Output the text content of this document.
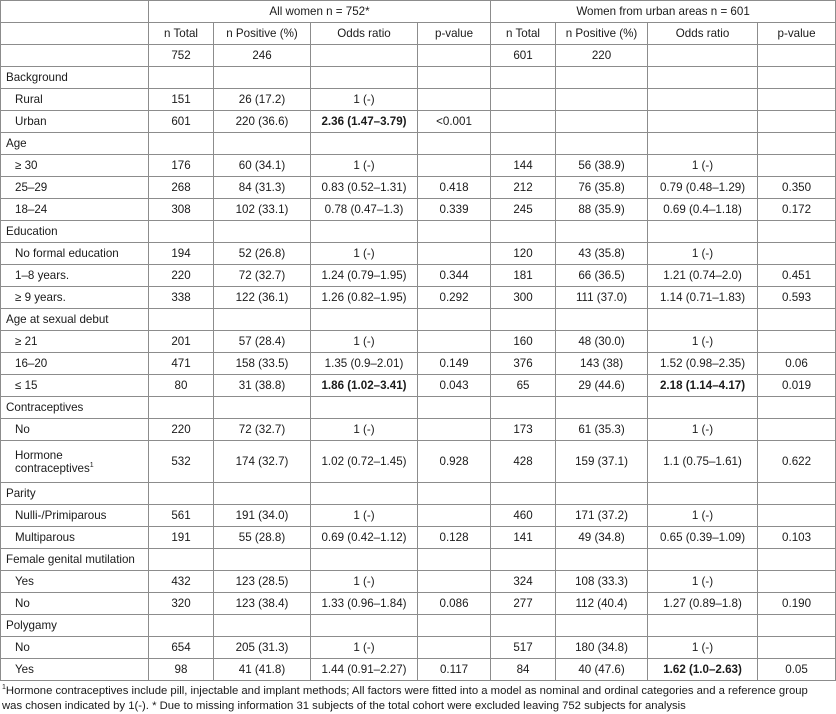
	All women n = 752*				Women from urban areas n = 601			
	n Total	n Positive (%)	Odds ratio	p-value	n Total	n Positive (%)	Odds ratio	p-value
	752	246			601	220		
Background								
Rural	151	26 (17.2)	1 (-)					
Urban	601	220 (36.6)	2.36 (1.47–3.79)	<0.001				
Age								
≥ 30	176	60 (34.1)	1 (-)		144	56 (38.9)	1 (-)	
25–29	268	84 (31.3)	0.83 (0.52–1.31)	0.418	212	76 (35.8)	0.79 (0.48–1.29)	0.350
18–24	308	102 (33.1)	0.78 (0.47–1.3)	0.339	245	88 (35.9)	0.69 (0.4–1.18)	0.172
Education								
No formal education	194	52 (26.8)	1 (-)		120	43 (35.8)	1 (-)	
1–8 years.	220	72 (32.7)	1.24 (0.79–1.95)	0.344	181	66 (36.5)	1.21 (0.74–2.0)	0.451
≥ 9 years.	338	122 (36.1)	1.26 (0.82–1.95)	0.292	300	111 (37.0)	1.14 (0.71–1.83)	0.593
Age at sexual debut								
≥ 21	201	57 (28.4)	1 (-)		160	48 (30.0)	1 (-)	
16–20	471	158 (33.5)	1.35 (0.9–2.01)	0.149	376	143 (38)	1.52 (0.98–2.35)	0.06
≤ 15	80	31 (38.8)	1.86 (1.02–3.41)	0.043	65	29 (44.6)	2.18 (1.14–4.17)	0.019
Contraceptives								
No	220	72 (32.7)	1 (-)		173	61 (35.3)	1 (-)	
Hormone contraceptives$^1$	532	174 (32.7)	1.02 (0.72–1.45)	0.928	428	159 (37.1)	1.1 (0.75–1.61)	0.622
Parity								
Nulli-/Primiparous	561	191 (34.0)	1 (-)		460	171 (37.2)	1 (-)	
Multiparous	191	55 (28.8)	0.69 (0.42–1.12)	0.128	141	49 (34.8)	0.65 (0.39–1.09)	0.103
Female genital mutilation								
Yes	432	123 (28.5)	1 (-)		324	108 (33.3)	1 (-)	
No	320	123 (38.4)	1.33 (0.96–1.84)	0.086	277	112 (40.4)	1.27 (0.89–1.8)	0.190
Polygamy								
No	654	205 (31.3)	1 (-)		517	180 (34.8)	1 (-)	
Yes	98	41 (41.8)	1.44 (0.91–2.27)	0.117	84	40 (47.6)	1.62 (1.0–2.63)	0.05
$^1$Hormone contraceptives include pill, injectable and implant methods; All factors were fitted into a model as nominal and ordinal categories and a reference group was chosen indicated by 1(-). * Due to missing information 31 subjects of the total cohort were excluded leaving 752 subjects for analysis
